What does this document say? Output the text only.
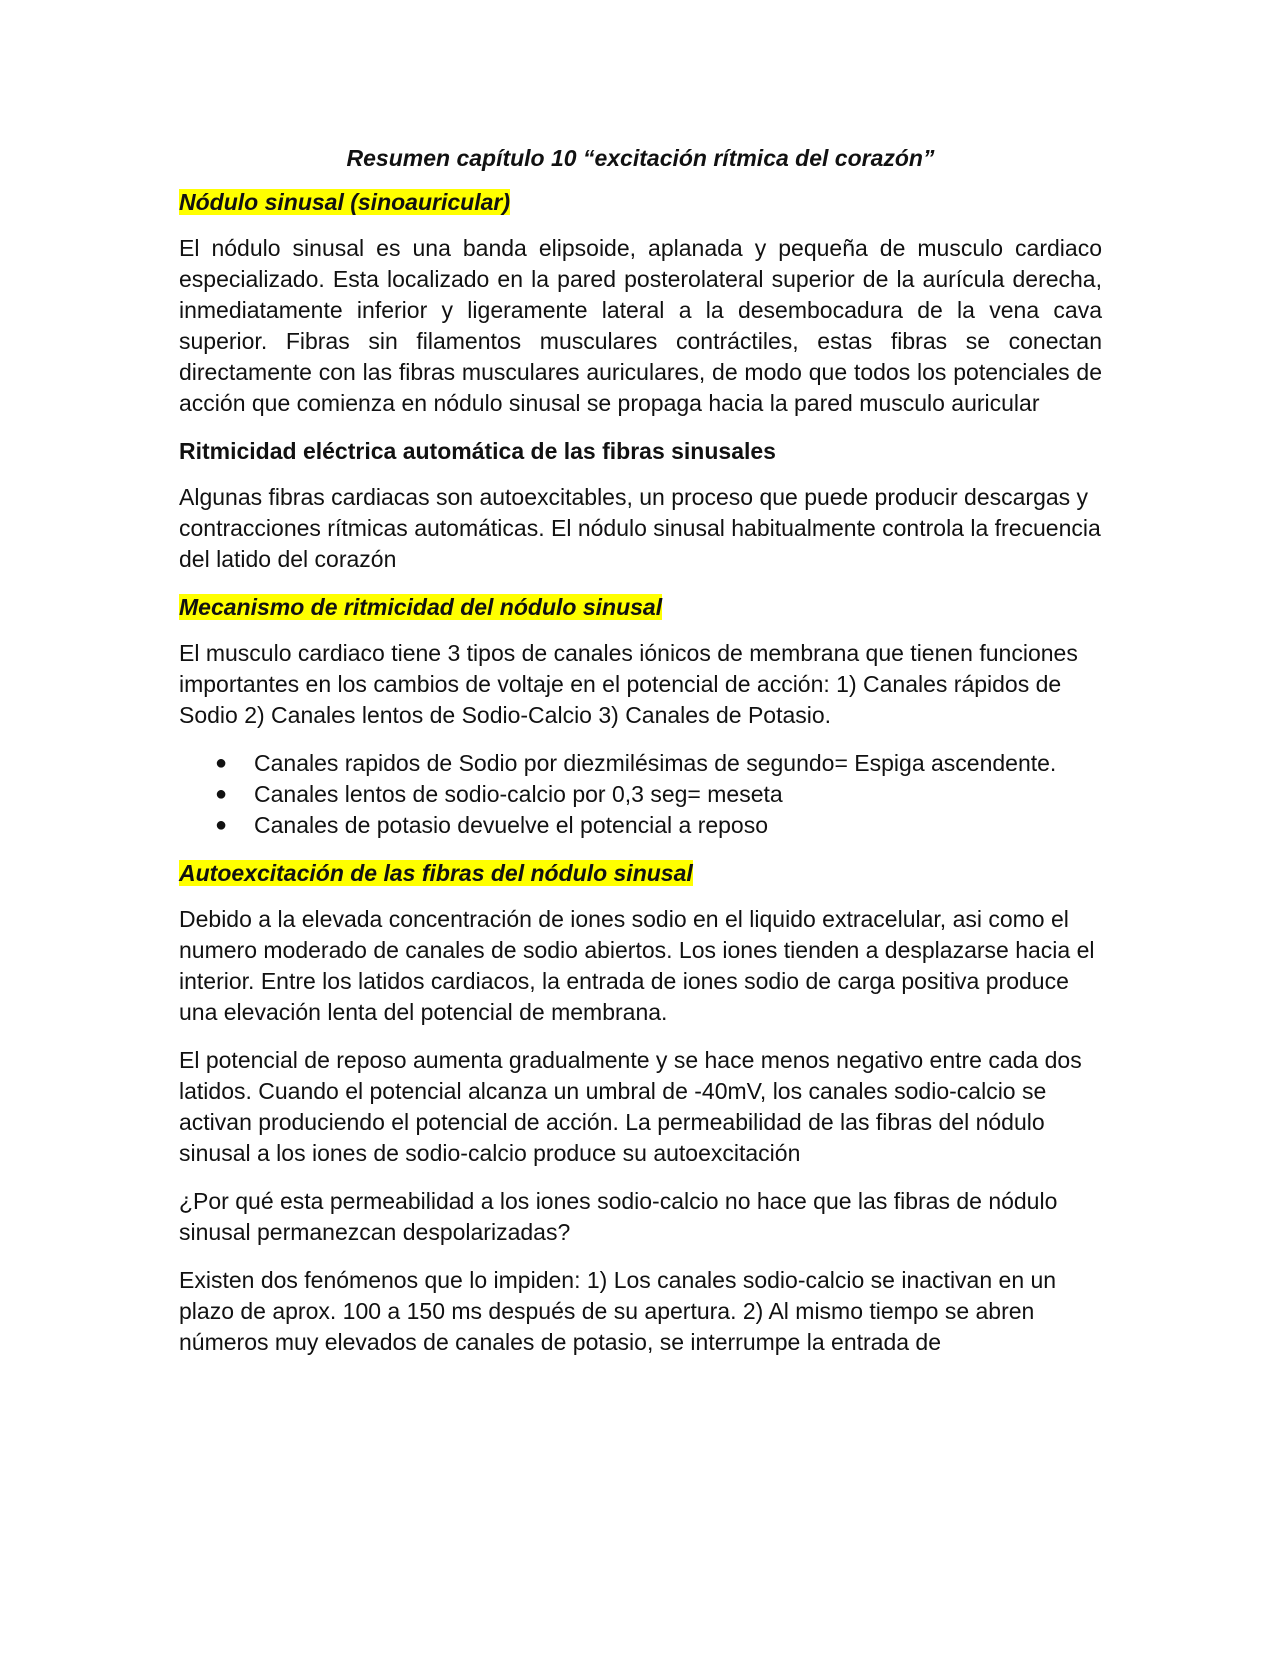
Resumen capítulo 10 “excitación rítmica del corazón”
Nódulo sinusal (sinoauricular)
El nódulo sinusal es una banda elipsoide, aplanada y pequeña de musculo cardiaco especializado. Esta localizado en la pared posterolateral superior de la aurícula derecha, inmediatamente inferior y ligeramente lateral a la desembocadura de la vena cava superior. Fibras sin filamentos musculares contráctiles, estas fibras se conectan directamente con las fibras musculares auriculares, de modo que todos los potenciales de acción que comienza en nódulo sinusal se propaga hacia la pared musculo auricular
Ritmicidad eléctrica automática de las fibras sinusales
Algunas fibras cardiacas son autoexcitables, un proceso que puede producir descargas y contracciones rítmicas automáticas. El nódulo sinusal habitualmente controla la frecuencia del latido del corazón
Mecanismo de ritmicidad del nódulo sinusal
El musculo cardiaco tiene 3 tipos de canales iónicos de membrana que tienen funciones importantes en los cambios de voltaje en el potencial de acción: 1) Canales rápidos de Sodio 2) Canales lentos de Sodio-Calcio 3) Canales de Potasio.
● Canales rapidos de Sodio por diezmilésimas de segundo= Espiga ascendente.
● Canales lentos de sodio-calcio por 0,3 seg= meseta
● Canales de potasio devuelve el potencial a reposo
Autoexcitación de las fibras del nódulo sinusal
Debido a la elevada concentración de iones sodio en el liquido extracelular, asi como el numero moderado de canales de sodio abiertos. Los iones tienden a desplazarse hacia el interior. Entre los latidos cardiacos, la entrada de iones sodio de carga positiva produce una elevación lenta del potencial de membrana.
El potencial de reposo aumenta gradualmente y se hace menos negativo entre cada dos latidos. Cuando el potencial alcanza un umbral de -40mV, los canales sodio-calcio se activan produciendo el potencial de acción. La permeabilidad de las fibras del nódulo sinusal a los iones de sodio-calcio produce su autoexcitación
¿Por qué esta permeabilidad a los iones sodio-calcio no hace que las fibras de nódulo sinusal permanezcan despolarizadas?
Existen dos fenómenos que lo impiden: 1) Los canales sodio-calcio se inactivan en un plazo de aprox. 100 a 150 ms después de su apertura. 2) Al mismo tiempo se abren números muy elevados de canales de potasio, se interrumpe la entrada de
